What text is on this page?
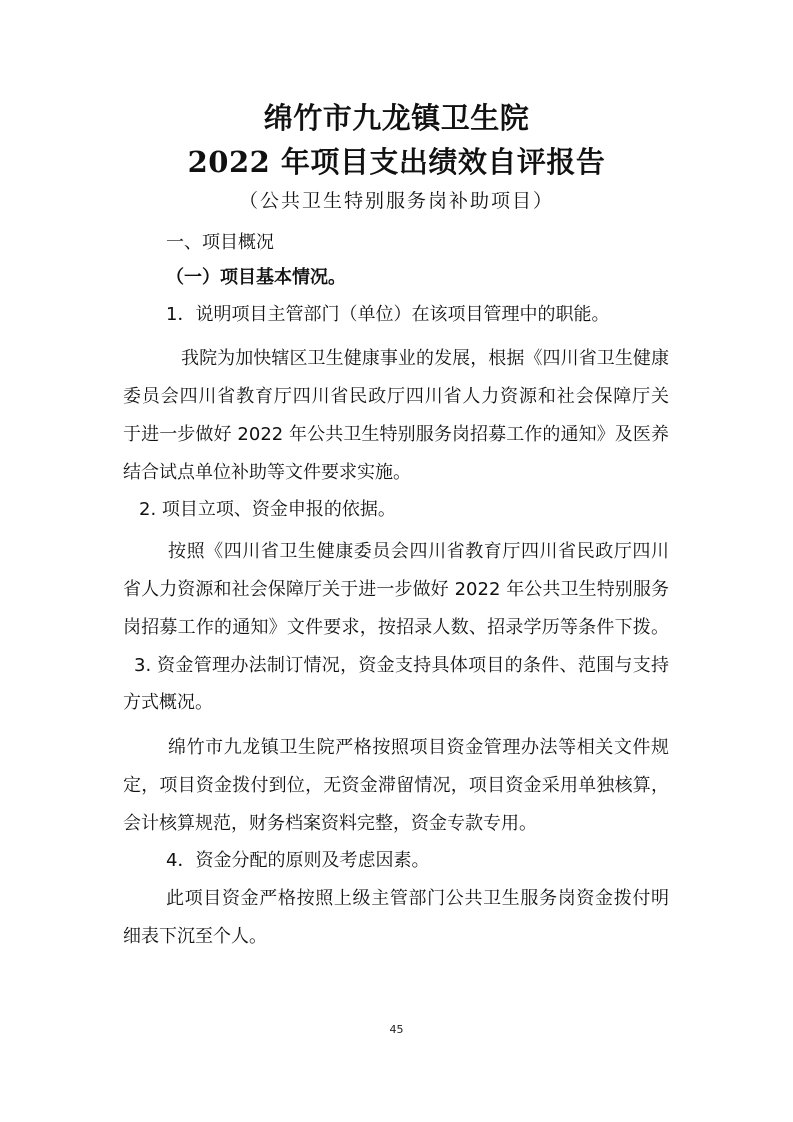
绵竹市九龙镇卫生院
2022 年项目支出绩效自评报告
（公共卫生特别服务岗补助项目）
一、项目概况
（一）项目基本情况。
1．说明项目主管部门（单位）在该项目管理中的职能。
我院为加快辖区卫生健康事业的发展，根据《四川省卫生健康
委员会四川省教育厅四川省民政厅四川省人力资源和社会保障厅关
于进一步做好 2022 年公共卫生特别服务岗招募工作的通知》及医养
结合试点单位补助等文件要求实施。
2. 项目立项、资金申报的依据。
按照《四川省卫生健康委员会四川省教育厅四川省民政厅四川
省人力资源和社会保障厅关于进一步做好 2022 年公共卫生特别服务
岗招募工作的通知》文件要求，按招录人数、招录学历等条件下拨。
3. 资金管理办法制订情况，资金支持具体项目的条件、范围与支持
方式概况。
绵竹市九龙镇卫生院严格按照项目资金管理办法等相关文件规
定，项目资金拨付到位，无资金滞留情况，项目资金采用单独核算，
会计核算规范，财务档案资料完整，资金专款专用。
4．资金分配的原则及考虑因素。
此项目资金严格按照上级主管部门公共卫生服务岗资金拨付明
细表下沉至个人。
45
